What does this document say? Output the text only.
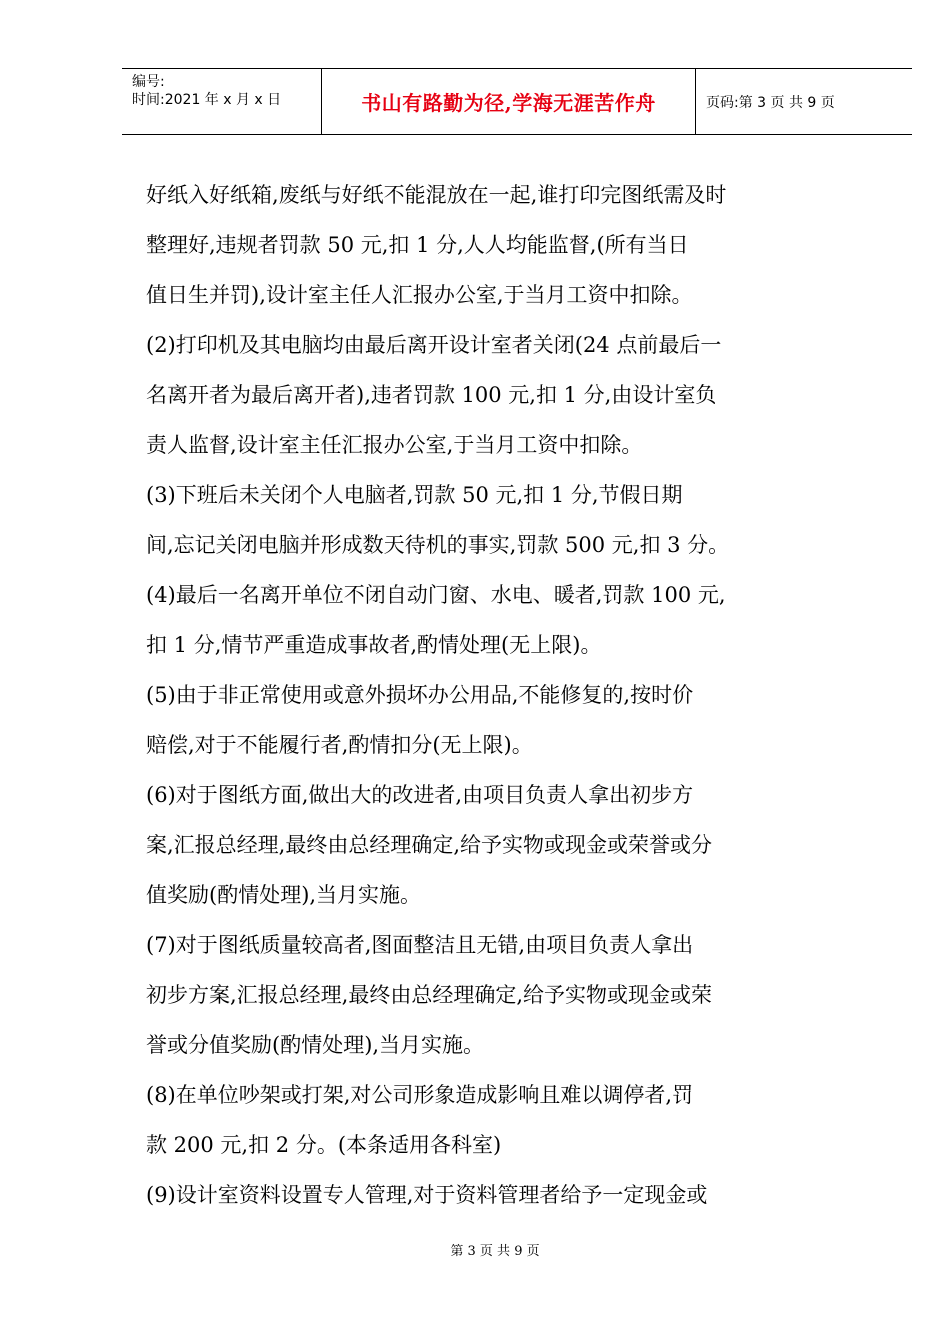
编号:
时间:2021 年 x 月 x 日	书山有路勤为径,学海无涯苦作舟	页码:第 3 页 共 9 页
好纸入好纸箱,废纸与好纸不能混放在一起,谁打印完图纸需及时
整理好,违规者罚款 50 元,扣 1 分,人人均能监督,(所有当日
值日生并罚),设计室主任人汇报办公室,于当月工资中扣除。
(2)打印机及其电脑均由最后离开设计室者关闭(24 点前最后一
名离开者为最后离开者),违者罚款 100 元,扣 1 分,由设计室负
责人监督,设计室主任汇报办公室,于当月工资中扣除。
(3)下班后未关闭个人电脑者,罚款 50 元,扣 1 分,节假日期
间,忘记关闭电脑并形成数天待机的事实,罚款 500 元,扣 3 分。
(4)最后一名离开单位不闭自动门窗、水电、暖者,罚款 100 元,
扣 1 分,情节严重造成事故者,酌情处理(无上限)。
(5)由于非正常使用或意外损坏办公用品,不能修复的,按时价
赔偿,对于不能履行者,酌情扣分(无上限)。
(6)对于图纸方面,做出大的改进者,由项目负责人拿出初步方
案,汇报总经理,最终由总经理确定,给予实物或现金或荣誉或分
值奖励(酌情处理),当月实施。
(7)对于图纸质量较高者,图面整洁且无错,由项目负责人拿出
初步方案,汇报总经理,最终由总经理确定,给予实物或现金或荣
誉或分值奖励(酌情处理),当月实施。
(8)在单位吵架或打架,对公司形象造成影响且难以调停者,罚
款 200 元,扣 2 分。(本条适用各科室)
(9)设计室资料设置专人管理,对于资料管理者给予一定现金或
第 3 页 共 9 页
